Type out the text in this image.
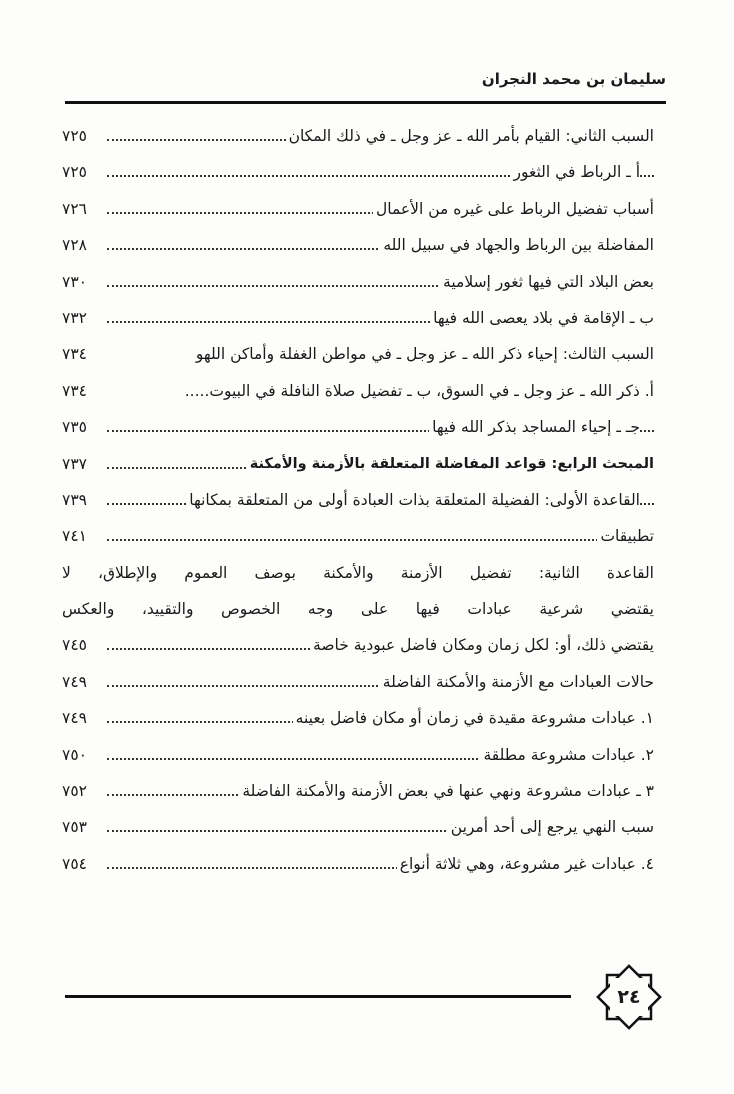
سليمان بن محمد النجران
السبب الثاني: القيام بأمر الله ـ عز وجل ـ في ذلك المكان
٧٢٥
أ ـ الرباط في الثغور
٧٢٥
أسباب تفضيل الرباط على غيره من الأعمال
٧٢٦
المفاضلة بين الرباط والجهاد في سبيل الله
٧٢٨
بعض البلاد التي فيها ثغور إسلامية
٧٣٠
ب ـ الإقامة في بلاد يعصى الله فيها
٧٣٢
السبب الثالث: إحياء ذكر الله ـ عز وجل ـ في مواطن الغفلة وأماكن اللهو
٧٣٤
أ. ذكر الله ـ عز وجل ـ في السوق، ب ـ تفضيل صلاة النافلة في البيوت.....
٧٣٤
جـ ـ إحياء المساجد بذكر الله فيها
٧٣٥
المبحث الرابع: قواعد المفاضلة المتعلقة بالأزمنة والأمكنة
٧٣٧
القاعدة الأولى: الفضيلة المتعلقة بذات العبادة أولى من المتعلقة بمكانها
٧٣٩
تطبيقات
٧٤١
القاعدة الثانية: تفضيل الأزمنة والأمكنة بوصف العموم والإطلاق، لا
يقتضي شرعية عبادات فيها على وجه الخصوص والتقييد، والعكس
يقتضي ذلك، أو: لكل زمان ومكان فاضل عبودية خاصة
٧٤٥
حالات العبادات مع الأزمنة والأمكنة الفاضلة
٧٤٩
١. عبادات مشروعة مقيدة في زمان أو مكان فاضل بعينه
٧٤٩
٢. عبادات مشروعة مطلقة
٧٥٠
٣ ـ عبادات مشروعة ونهي عنها في بعض الأزمنة والأمكنة الفاضلة
٧٥٢
سبب النهي يرجع إلى أحد أمرين
٧٥٣
٤. عبادات غير مشروعة، وهي ثلاثة أنواع
٧٥٤
٢٤
